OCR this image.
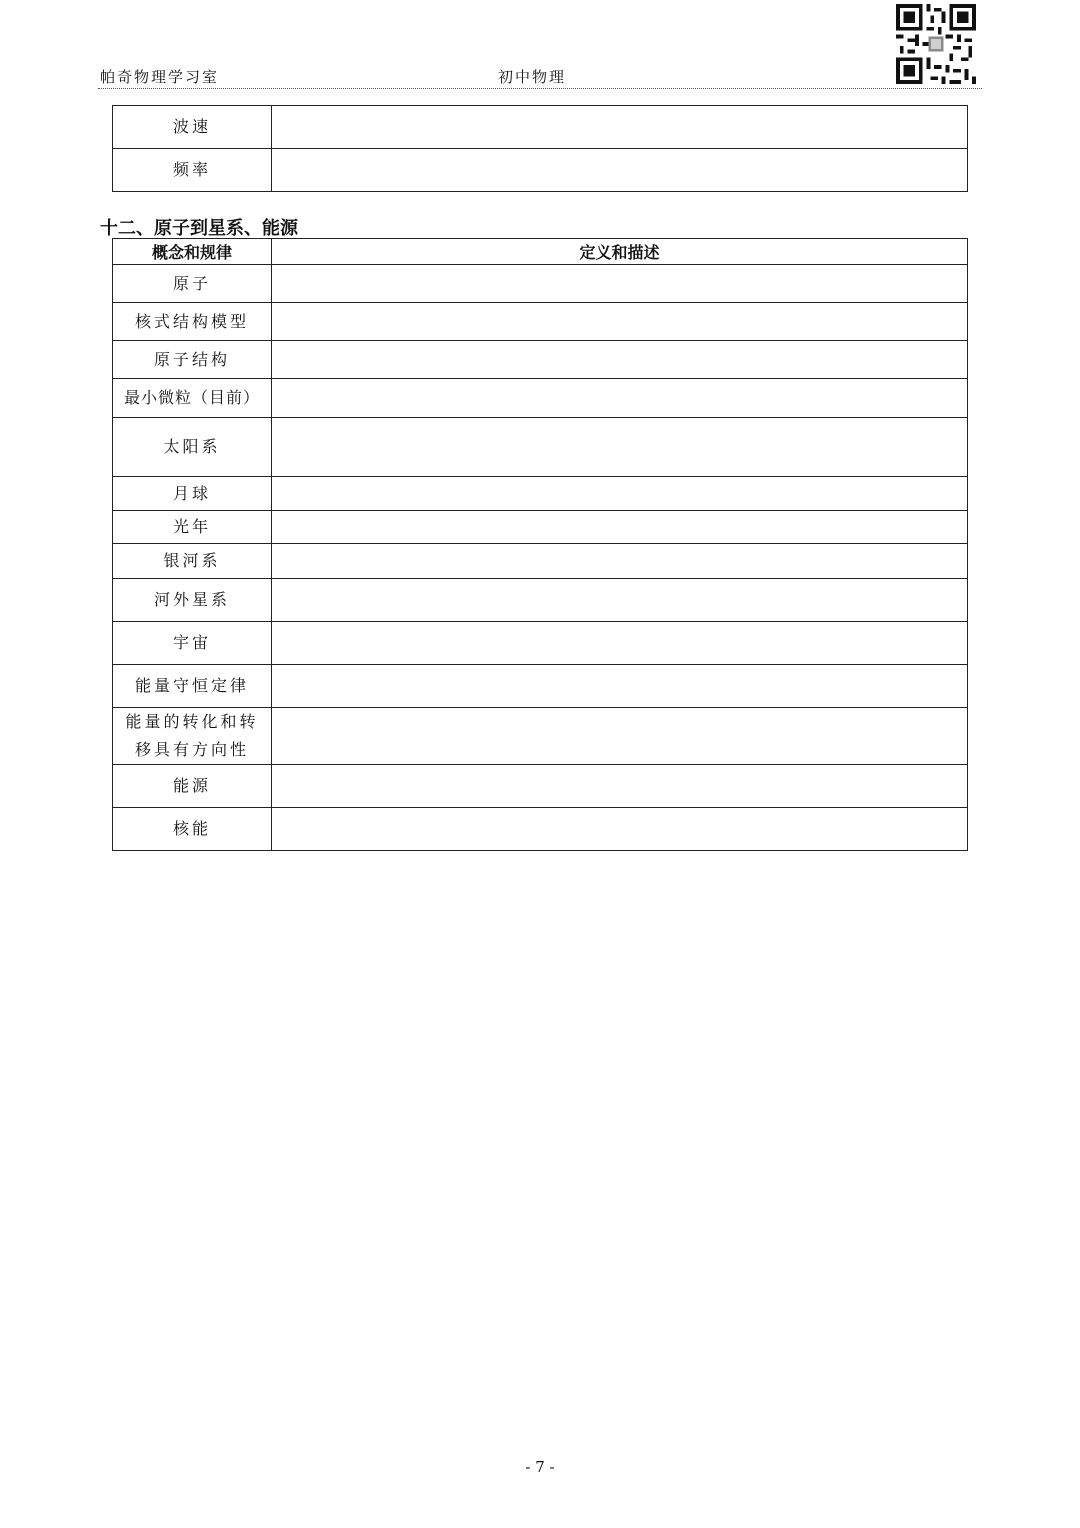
帕奇物理学习室	初中物理
波速	
频率	
十二、原子到星系、能源
概念和规律	定义和描述
原子	
核式结构模型	
原子结构	
最小微粒（目前）	
太阳系	
月球	
光年	
银河系	
河外星系	
宇宙	
能量守恒定律	
能量的转化和转移具有方向性	
能源	
核能	
- 7 -
